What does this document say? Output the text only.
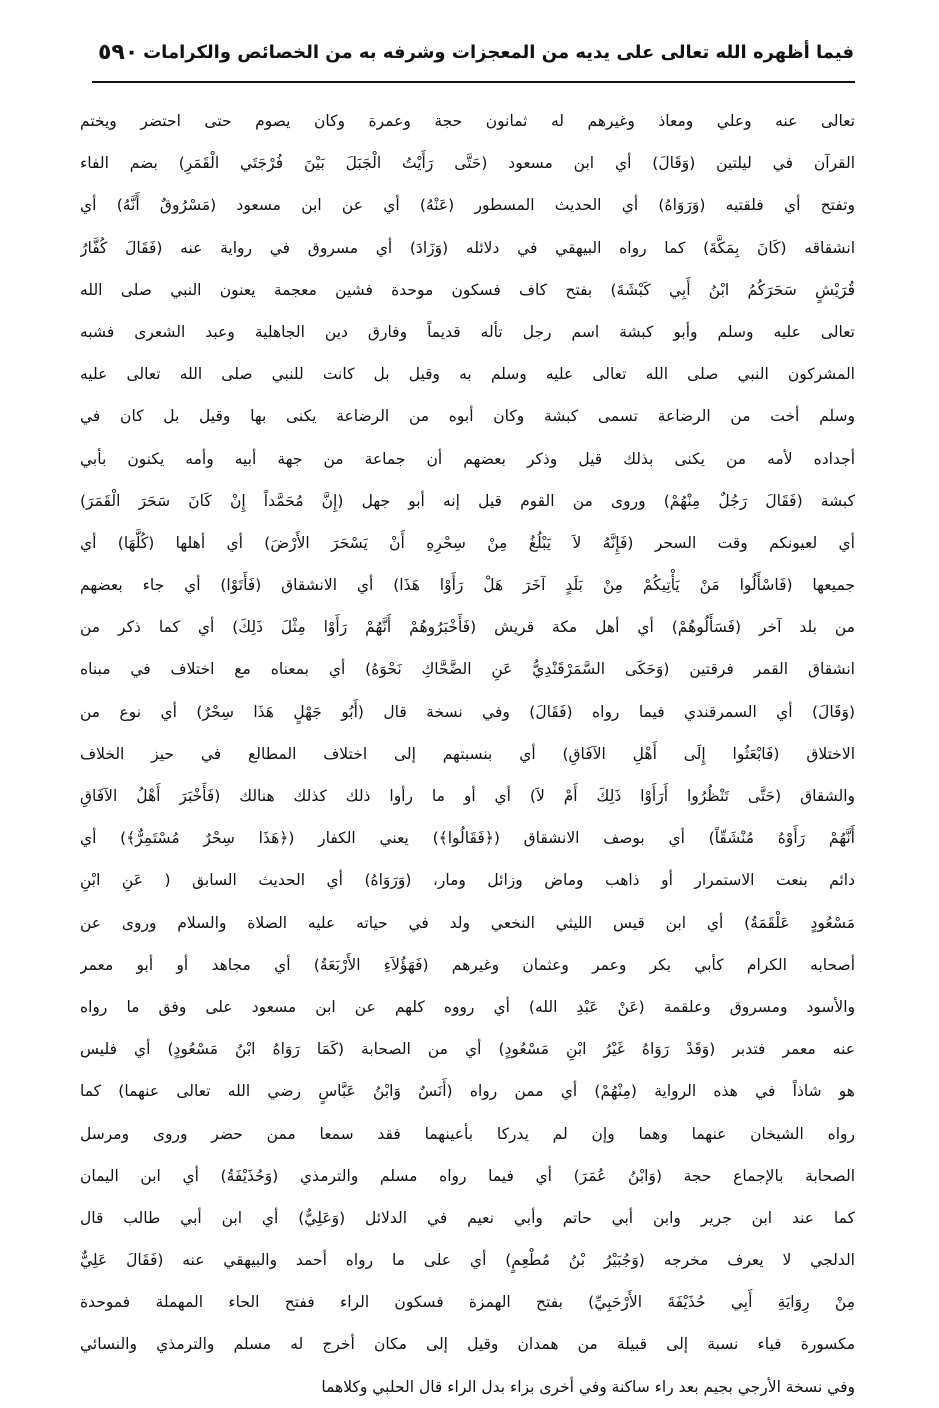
فيما أظهره الله تعالى على يديه من المعجزات وشرفه به من الخصائص والكرامات
٥٩٠
تعالى عنه وعلي ومعاذ وغيرهم له ثمانون حجة وعمرة وكان يصوم حتى احتضر ويختم
القرآن في ليلتين (وَقَالَ) أي ابن مسعود (حَتَّى رَأَيْتُ الْجَبَلَ بَيْنَ فُرْجَتَي الْقَمَرِ) بضم الفاء
وتفتح أي فلقتيه (وَرَوَاهُ) أي الحديث المسطور (عَنْهُ) أي عن ابن مسعود (مَسْرُوقٌ أَنَّهُ) أي
انشقاقه (كَانَ بِمَكَّةَ) كما رواه البيهقي في دلائله (وَزَادَ) أي مسروق في رواية عنه (فَقَالَ كُفَّارُ
قُرَيْشٍ سَحَرَكُمُ ابْنُ أَبِي كَبْشَةَ) بفتح كاف فسكون موحدة فشين معجمة يعنون النبي صلى الله
تعالى عليه وسلم وأبو كبشة اسم رجل تأله قديماً وفارق دين الجاهلية وعبد الشعرى فشبه
المشركون النبي صلى الله تعالى عليه وسلم به وقيل بل كانت للنبي صلى الله تعالى عليه
وسلم أخت من الرضاعة تسمى كبشة وكان أبوه من الرضاعة يكنى بها وقيل بل كان في
أجداده لأمه من يكنى بذلك قيل وذكر بعضهم أن جماعة من جهة أبيه وأمه يكنون بأبي
كبشة (فَقَالَ رَجُلٌ مِنْهُمْ) وروى من القوم قيل إنه أبو جهل (إِنَّ مُحَمَّداً إِنْ كَانَ سَحَرَ الْقَمَرَ)
أي لعيونكم وقت السحر (فَإِنَّهُ لاَ يَبْلُغُ مِنْ سِحْرِهِ أَنْ يَسْحَرَ الأَرْضَ) أي أهلها (كُلَّهَا) أي
جميعها (فَاسْأَلُوا مَنْ يَأْتِيكُمْ مِنْ بَلَدٍ آخَرَ هَلْ رَأَوْا هَذَا) أي الانشقاق (فَأَتَوْا) أي جاء بعضهم
من بلد آخر (فَسَأَلُوهُمْ) أي أهل مكة قريش (فَأَخْبَرُوهُمْ أَنَّهُمْ رَأَوْا مِثْلَ ذَلِكَ) أي كما ذكر من
انشقاق القمر فرقتين (وَحَكَى السَّمَرْقَنْدِيُّ عَنِ الضَّحَّاكِ نَحْوَهُ) أي بمعناه مع اختلاف في مبناه
(وَقَالَ) أي السمرقندي فيما رواه (فَقَالَ) وفي نسخة قال (أَبُو جَهْلٍ هَذَا سِحْرٌ) أي نوع من
الاختلاق (فَابْعَثُوا إِلَى أَهْلِ الآفَاقِ) أي بنسبتهم إلى اختلاف المطالع في حيز الخلاف
والشقاق (حَتَّى تَنْظُرُوا أَرَأَوْا ذَلِكَ أَمْ لاَ) أي أو ما رأوا ذلك كذلك هنالك (فَأَخْبَرَ أَهْلُ الآفَاقِ
أَنَّهُمْ رَأَوْهُ مُنْشَقّاً) أي بوصف الانشقاق (﴿فَقَالُوا﴾) يعني الكفار (﴿هَذَا سِحْرٌ مُسْتَمِرٌّ﴾) أي
دائم بنعت الاستمرار أو ذاهب وماض وزائل ومار، (وَرَوَاهُ) أي الحديث السابق ( عَنِ ابْنِ
مَسْعُودٍ عَلْقَمَةُ) أي ابن قيس الليثي النخعي ولد في حياته عليه الصلاة والسلام وروى عن
أصحابه الكرام كأبي بكر وعمر وعثمان وغيرهم (فَهَؤُلاَءِ الأَرْبَعَةُ) أي مجاهد أو أبو معمر
والأسود ومسروق وعلقمة (عَنْ عَبْدِ الله) أي رووه كلهم عن ابن مسعود على وفق ما رواه
عنه معمر فتدبر (وَقَدْ رَوَاهُ غَيْرُ ابْنِ مَسْعُودٍ) أي من الصحابة (كَمَا رَوَاهُ ابْنُ مَسْعُودٍ) أي فليس
هو شاذاً في هذه الرواية (مِنْهُمْ) أي ممن رواه (أَنَسٌ وَابْنُ عَبَّاسٍ رضي الله تعالى عنهما) كما
رواه الشيخان عنهما وهما وإن لم يدركا بأعينهما فقد سمعا ممن حضر وروى ومرسل
الصحابة بالإجماع حجة (وَابْنُ عُمَرَ) أي فيما رواه مسلم والترمذي (وَحُذَيْفَةُ) أي ابن اليمان
كما عند ابن جرير وابن أبي حاتم وأبي نعيم في الدلائل (وَعَلِيٌّ) أي ابن أبي طالب قال
الدلجي لا يعرف مخرجه (وَجُبَيْرُ بْنُ مُطْعِمٍ) أي على ما رواه أحمد والبيهقي عنه (فَقَالَ عَلِيٌّ
مِنْ رِوَايَةِ أَبِي حُذَيْفَةَ الأَرْحَبِيِّ) بفتح الهمزة فسكون الراء ففتح الحاء المهملة فموحدة
مكسورة فياء نسبة إلى قبيلة من همدان وقيل إلى مكان أخرج له مسلم والترمذي والنسائي
وفي نسخة الأرجي بجيم بعد راء ساكنة وفي أخرى بزاء بدل الراء قال الحلبي وكلاهما
